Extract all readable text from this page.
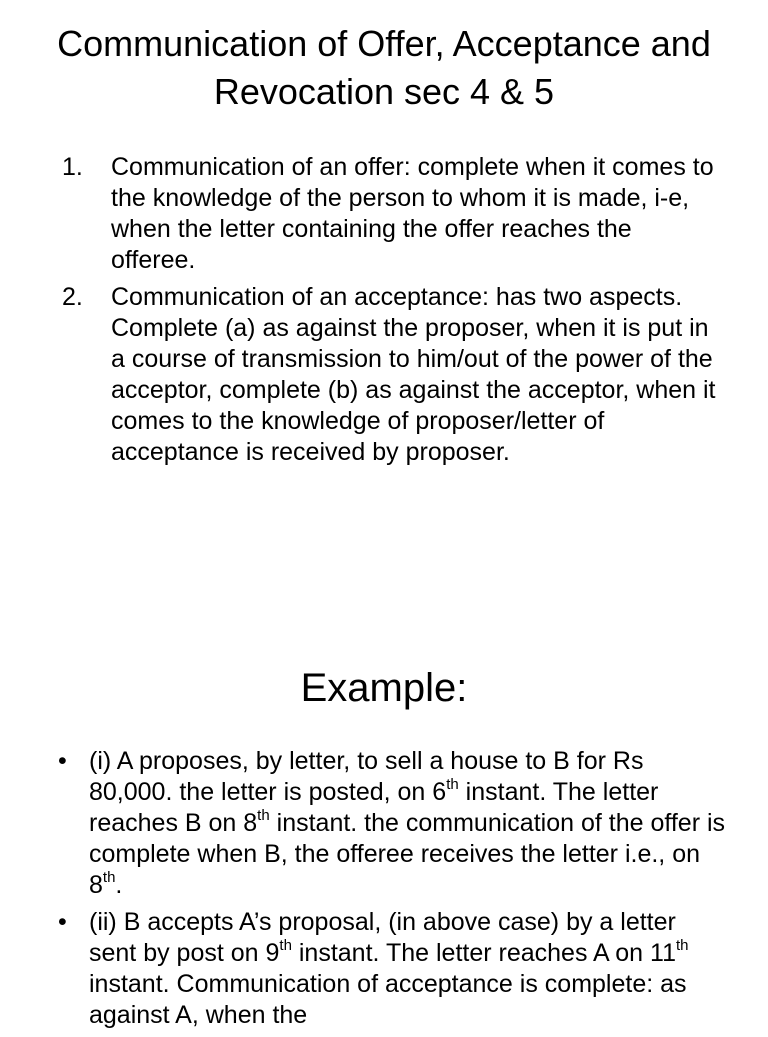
Communication of Offer, Acceptance and Revocation sec 4 & 5
1. Communication of an offer: complete when it comes to the knowledge of the person to whom it is made, i-e, when the letter containing the offer reaches the offeree.
2. Communication of an acceptance: has two aspects. Complete (a) as against the proposer, when it is put in a course of transmission to him/out of the power of the acceptor, complete (b) as against the acceptor, when it comes to the knowledge of proposer/letter of acceptance is received by proposer.
Example:
• (i) A proposes, by letter, to sell a house to B for Rs 80,000. the letter is posted, on 6th instant. The letter reaches B on 8th instant. the communication of the offer is complete when B, the offeree receives the letter i.e., on 8th.
• (ii) B accepts A’s proposal, (in above case) by a letter sent by post on 9th instant. The letter reaches A on 11th instant. Communication of acceptance is complete: as against A, when the
